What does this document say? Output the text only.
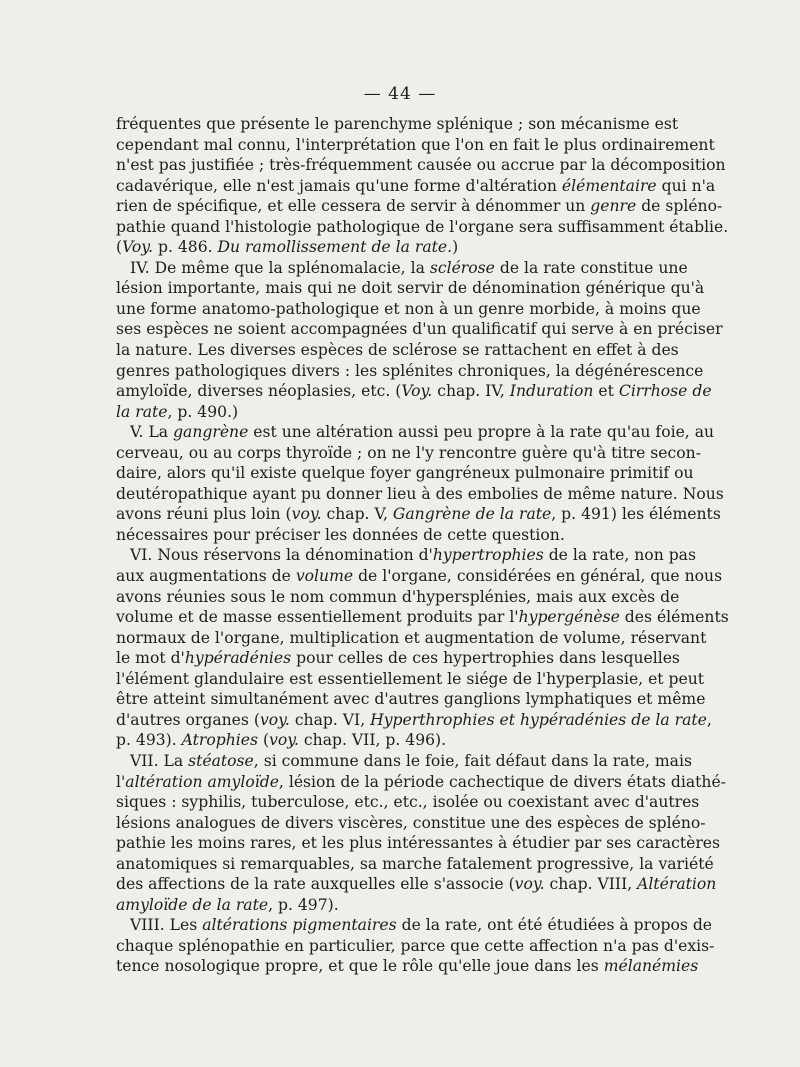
— 44 —
fréquentes que présente le parenchyme splénique ; son mécanisme est
cependant mal connu, l'interprétation que l'on en fait le plus ordinairement
n'est pas justifiée ; très-fréquemment causée ou accrue par la décomposition
cadavérique, elle n'est jamais qu'une forme d'altération élémentaire qui n'a
rien de spécifique, et elle cessera de servir à dénommer un genre de spléno-
pathie quand l'histologie pathologique de l'organe sera suffisamment établie.
(Voy. p. 486. Du ramollissement de la rate.)
IV. De même que la splénomalacie, la sclérose de la rate constitue une
lésion importante, mais qui ne doit servir de dénomination générique qu'à
une forme anatomo-pathologique et non à un genre morbide, à moins que
ses espèces ne soient accompagnées d'un qualificatif qui serve à en préciser
la nature. Les diverses espèces de sclérose se rattachent en effet à des
genres pathologiques divers : les splénites chroniques, la dégénérescence
amyloïde, diverses néoplasies, etc. (Voy. chap. IV, Induration et Cirrhose de
la rate, p. 490.)
V. La gangrène est une altération aussi peu propre à la rate qu'au foie, au
cerveau, ou au corps thyroïde ; on ne l'y rencontre guère qu'à titre secon-
daire, alors qu'il existe quelque foyer gangréneux pulmonaire primitif ou
deutéropathique ayant pu donner lieu à des embolies de même nature. Nous
avons réuni plus loin (voy. chap. V, Gangrène de la rate, p. 491) les éléments
nécessaires pour préciser les données de cette question.
VI. Nous réservons la dénomination d'hypertrophies de la rate, non pas
aux augmentations de volume de l'organe, considérées en général, que nous
avons réunies sous le nom commun d'hypersplénies, mais aux excès de
volume et de masse essentiellement produits par l'hypergénèse des éléments
normaux de l'organe, multiplication et augmentation de volume, réservant
le mot d'hypéradénies pour celles de ces hypertrophies dans lesquelles
l'élément glandulaire est essentiellement le siége de l'hyperplasie, et peut
être atteint simultanément avec d'autres ganglions lymphatiques et même
d'autres organes (voy. chap. VI, Hyperthrophies et hypéradénies de la rate,
p. 493). Atrophies (voy. chap. VII, p. 496).
VII. La stéatose, si commune dans le foie, fait défaut dans la rate, mais
l'altération amyloïde, lésion de la période cachectique de divers états diathé-
siques : syphilis, tuberculose, etc., etc., isolée ou coexistant avec d'autres
lésions analogues de divers viscères, constitue une des espèces de splénо-
pathie les moins rares, et les plus intéressantes à étudier par ses caractères
anatomiques si remarquables, sa marche fatalement progressive, la variété
des affections de la rate auxquelles elle s'associe (voy. chap. VIII, Altération
amyloïde de la rate, p. 497).
VIII. Les altérations pigmentaires de la rate, ont été étudiées à propos de
chaque splénopathie en particulier, parce que cette affection n'a pas d'exis-
tence nosologique propre, et que le rôle qu'elle joue dans les mélanémies
